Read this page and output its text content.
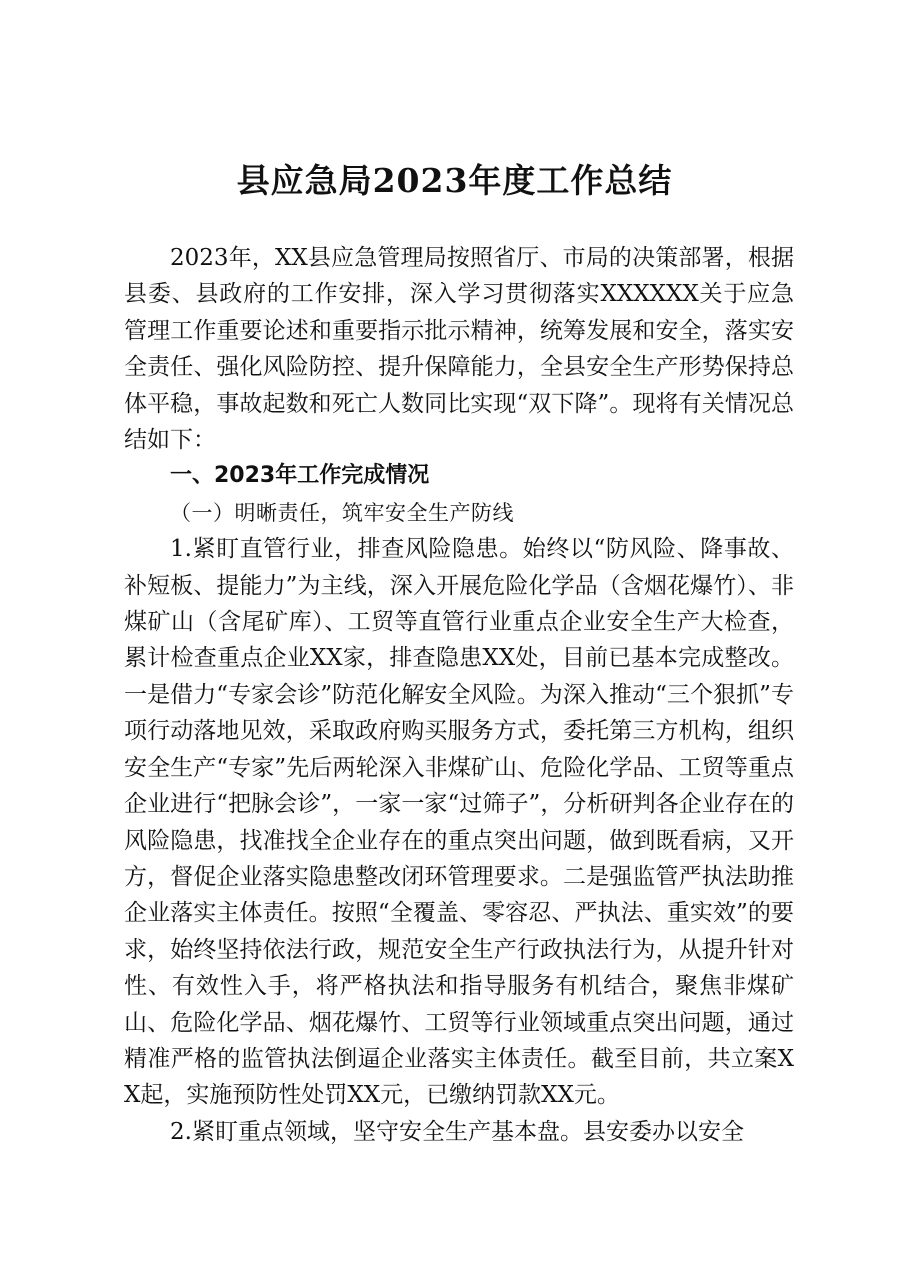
县应急局2023年度工作总结

2023年，XX县应急管理局按照省厅、市局的决策部署，根据县委、县政府的工作安排，深入学习贯彻落实XXXXXX关于应急管理工作重要论述和重要指示批示精神，统筹发展和安全，落实安全责任、强化风险防控、提升保障能力，全县安全生产形势保持总体平稳，事故起数和死亡人数同比实现“双下降”。现将有关情况总结如下：

一、2023年工作完成情况

（一）明晰责任，筑牢安全生产防线

1.紧盯直管行业，排查风险隐患。始终以“防风险、降事故、补短板、提能力”为主线，深入开展危险化学品（含烟花爆竹）、非煤矿山（含尾矿库）、工贸等直管行业重点企业安全生产大检查，累计检查重点企业XX家，排查隐患XX处，目前已基本完成整改。一是借力“专家会诊”防范化解安全风险。为深入推动“三个狠抓”专项行动落地见效，采取政府购买服务方式，委托第三方机构，组织安全生产“专家”先后两轮深入非煤矿山、危险化学品、工贸等重点企业进行“把脉会诊”，一家一家“过筛子”，分析研判各企业存在的风险隐患，找准找全企业存在的重点突出问题，做到既看病，又开方，督促企业落实隐患整改闭环管理要求。二是强监管严执法助推企业落实主体责任。按照“全覆盖、零容忍、严执法、重实效”的要求，始终坚持依法行政，规范安全生产行政执法行为，从提升针对性、有效性入手，将严格执法和指导服务有机结合，聚焦非煤矿山、危险化学品、烟花爆竹、工贸等行业领域重点突出问题，通过精准严格的监管执法倒逼企业落实主体责任。截至目前，共立案XX起，实施预防性处罚XX元，已缴纳罚款XX元。

2.紧盯重点领域，坚守安全生产基本盘。县安委办以安全
